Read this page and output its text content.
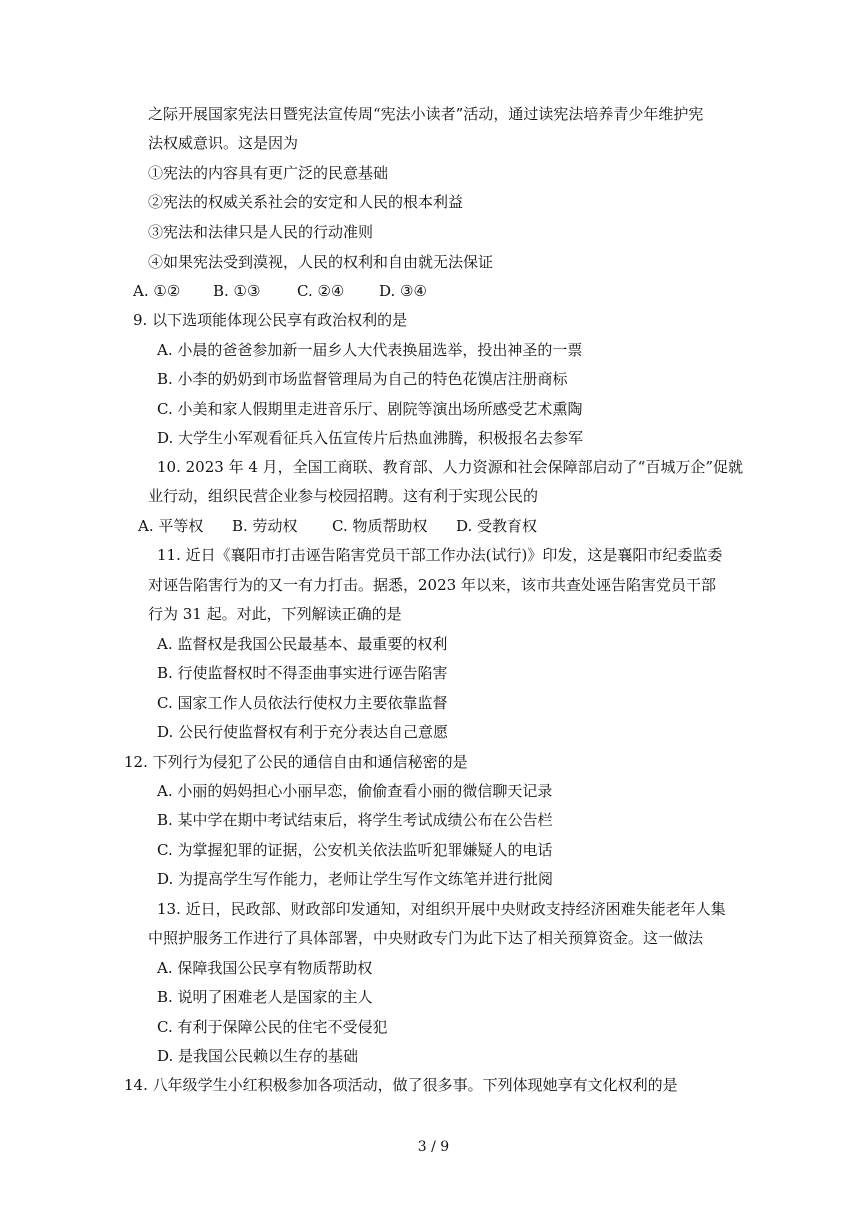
之际开展国家宪法日暨宪法宣传周“宪法小读者”活动，通过读宪法培养青少年维护宪
法权威意识。这是因为
①宪法的内容具有更广泛的民意基础
②宪法的权威关系社会的安定和人民的根本利益
③宪法和法律只是人民的行动准则
④如果宪法受到漠视，人民的权利和自由就无法保证
A. ①② B. ①③ C. ②④ D. ③④
9. 以下选项能体现公民享有政治权利的是
A. 小晨的爸爸参加新一届乡人大代表换届选举，投出神圣的一票
B. 小李的奶奶到市场监督管理局为自己的特色花馍店注册商标
C. 小美和家人假期里走进音乐厅、剧院等演出场所感受艺术熏陶
D. 大学生小军观看征兵入伍宣传片后热血沸腾，积极报名去参军
10. 2023 年 4 月，全国工商联、教育部、人力资源和社会保障部启动了“百城万企”促就
业行动，组织民营企业参与校园招聘。这有利于实现公民的
A. 平等权 B. 劳动权 C. 物质帮助权 D. 受教育权
11. 近日《襄阳市打击诬告陷害党员干部工作办法(试行)》印发，这是襄阳市纪委监委
对诬告陷害行为的又一有力打击。据悉，2023 年以来，该市共查处诬告陷害党员干部
行为 31 起。对此，下列解读正确的是
A. 监督权是我国公民最基本、最重要的权利
B. 行使监督权时不得歪曲事实进行诬告陷害
C. 国家工作人员依法行使权力主要依靠监督
D. 公民行使监督权有利于充分表达自己意愿
12. 下列行为侵犯了公民的通信自由和通信秘密的是
A. 小丽的妈妈担心小丽早恋，偷偷查看小丽的微信聊天记录
B. 某中学在期中考试结束后，将学生考试成绩公布在公告栏
C. 为掌握犯罪的证据，公安机关依法监听犯罪嫌疑人的电话
D. 为提高学生写作能力，老师让学生写作文练笔并进行批阅
13. 近日，民政部、财政部印发通知，对组织开展中央财政支持经济困难失能老年人集
中照护服务工作进行了具体部署，中央财政专门为此下达了相关预算资金。这一做法
A. 保障我国公民享有物质帮助权
B. 说明了困难老人是国家的主人
C. 有利于保障公民的住宅不受侵犯
D. 是我国公民赖以生存的基础
14. 八年级学生小红积极参加各项活动，做了很多事。下列体现她享有文化权利的是
3 / 9
